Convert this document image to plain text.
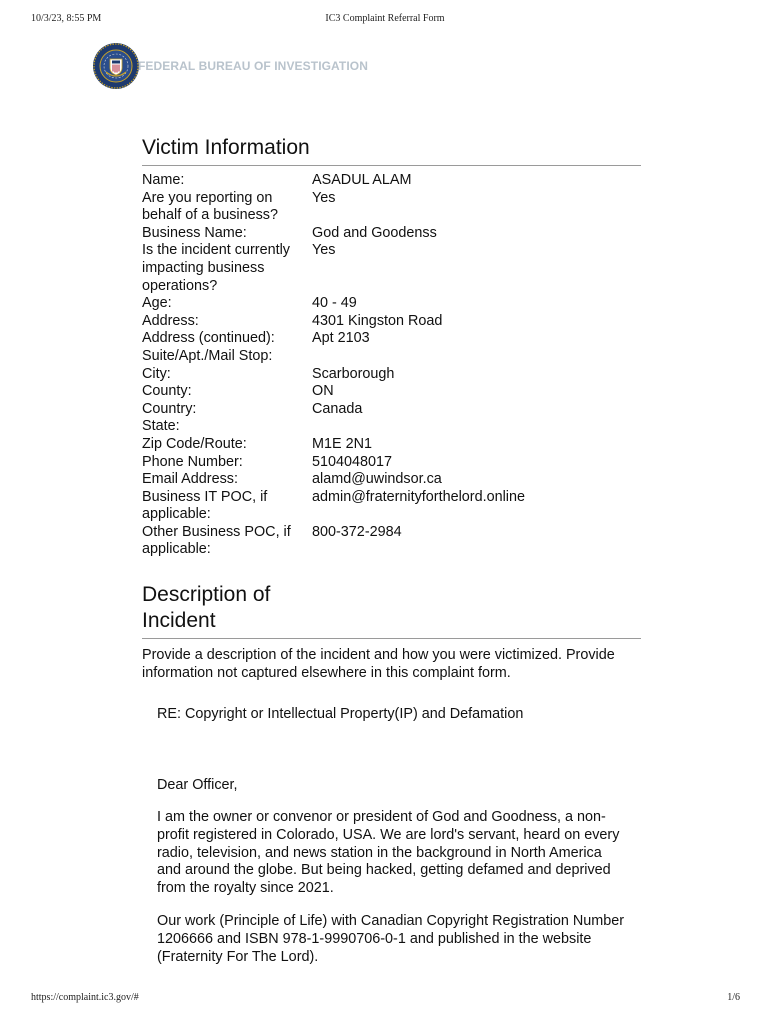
10/3/23, 8:55 PM	IC3 Complaint Referral Form
FEDERAL BUREAU OF INVESTIGATION
Victim Information
Name:	ASADUL ALAM
Are you reporting on behalf of a business?
Yes
Business Name:	God and Goodenss
Is the incident currently impacting business operations?
Yes
Age:	40 - 49
Address:	4301 Kingston Road
Address (continued):	Apt 2103
Suite/Apt./Mail Stop:
City:	Scarborough
County:	ON
Country:	Canada
State:
Zip Code/Route:	M1E 2N1
Phone Number:	5104048017
Email Address:	alamd@uwindsor.ca
Business IT POC, if applicable:
admin@fraternityforthelord.online
Other Business POC, if applicable:
800-372-2984
Description of
Incident
Provide a description of the incident and how you were victimized. Provide information not captured elsewhere in this complaint form.

RE: Copyright or Intellectual Property(IP) and Defamation

Dear Officer,

I am the owner or convenor or president of God and Goodness, a non-profit registered in Colorado, USA. We are lord's servant, heard on every radio, television, and news station in the background in North America and around the globe. But being hacked, getting defamed and deprived from the royalty since 2021.

Our work (Principle of Life) with Canadian Copyright Registration Number 1206666 and ISBN 978-1-9990706-0-1 and published in the website (Fraternity For The Lord).

https://complaint.ic3.gov/#	1/6
